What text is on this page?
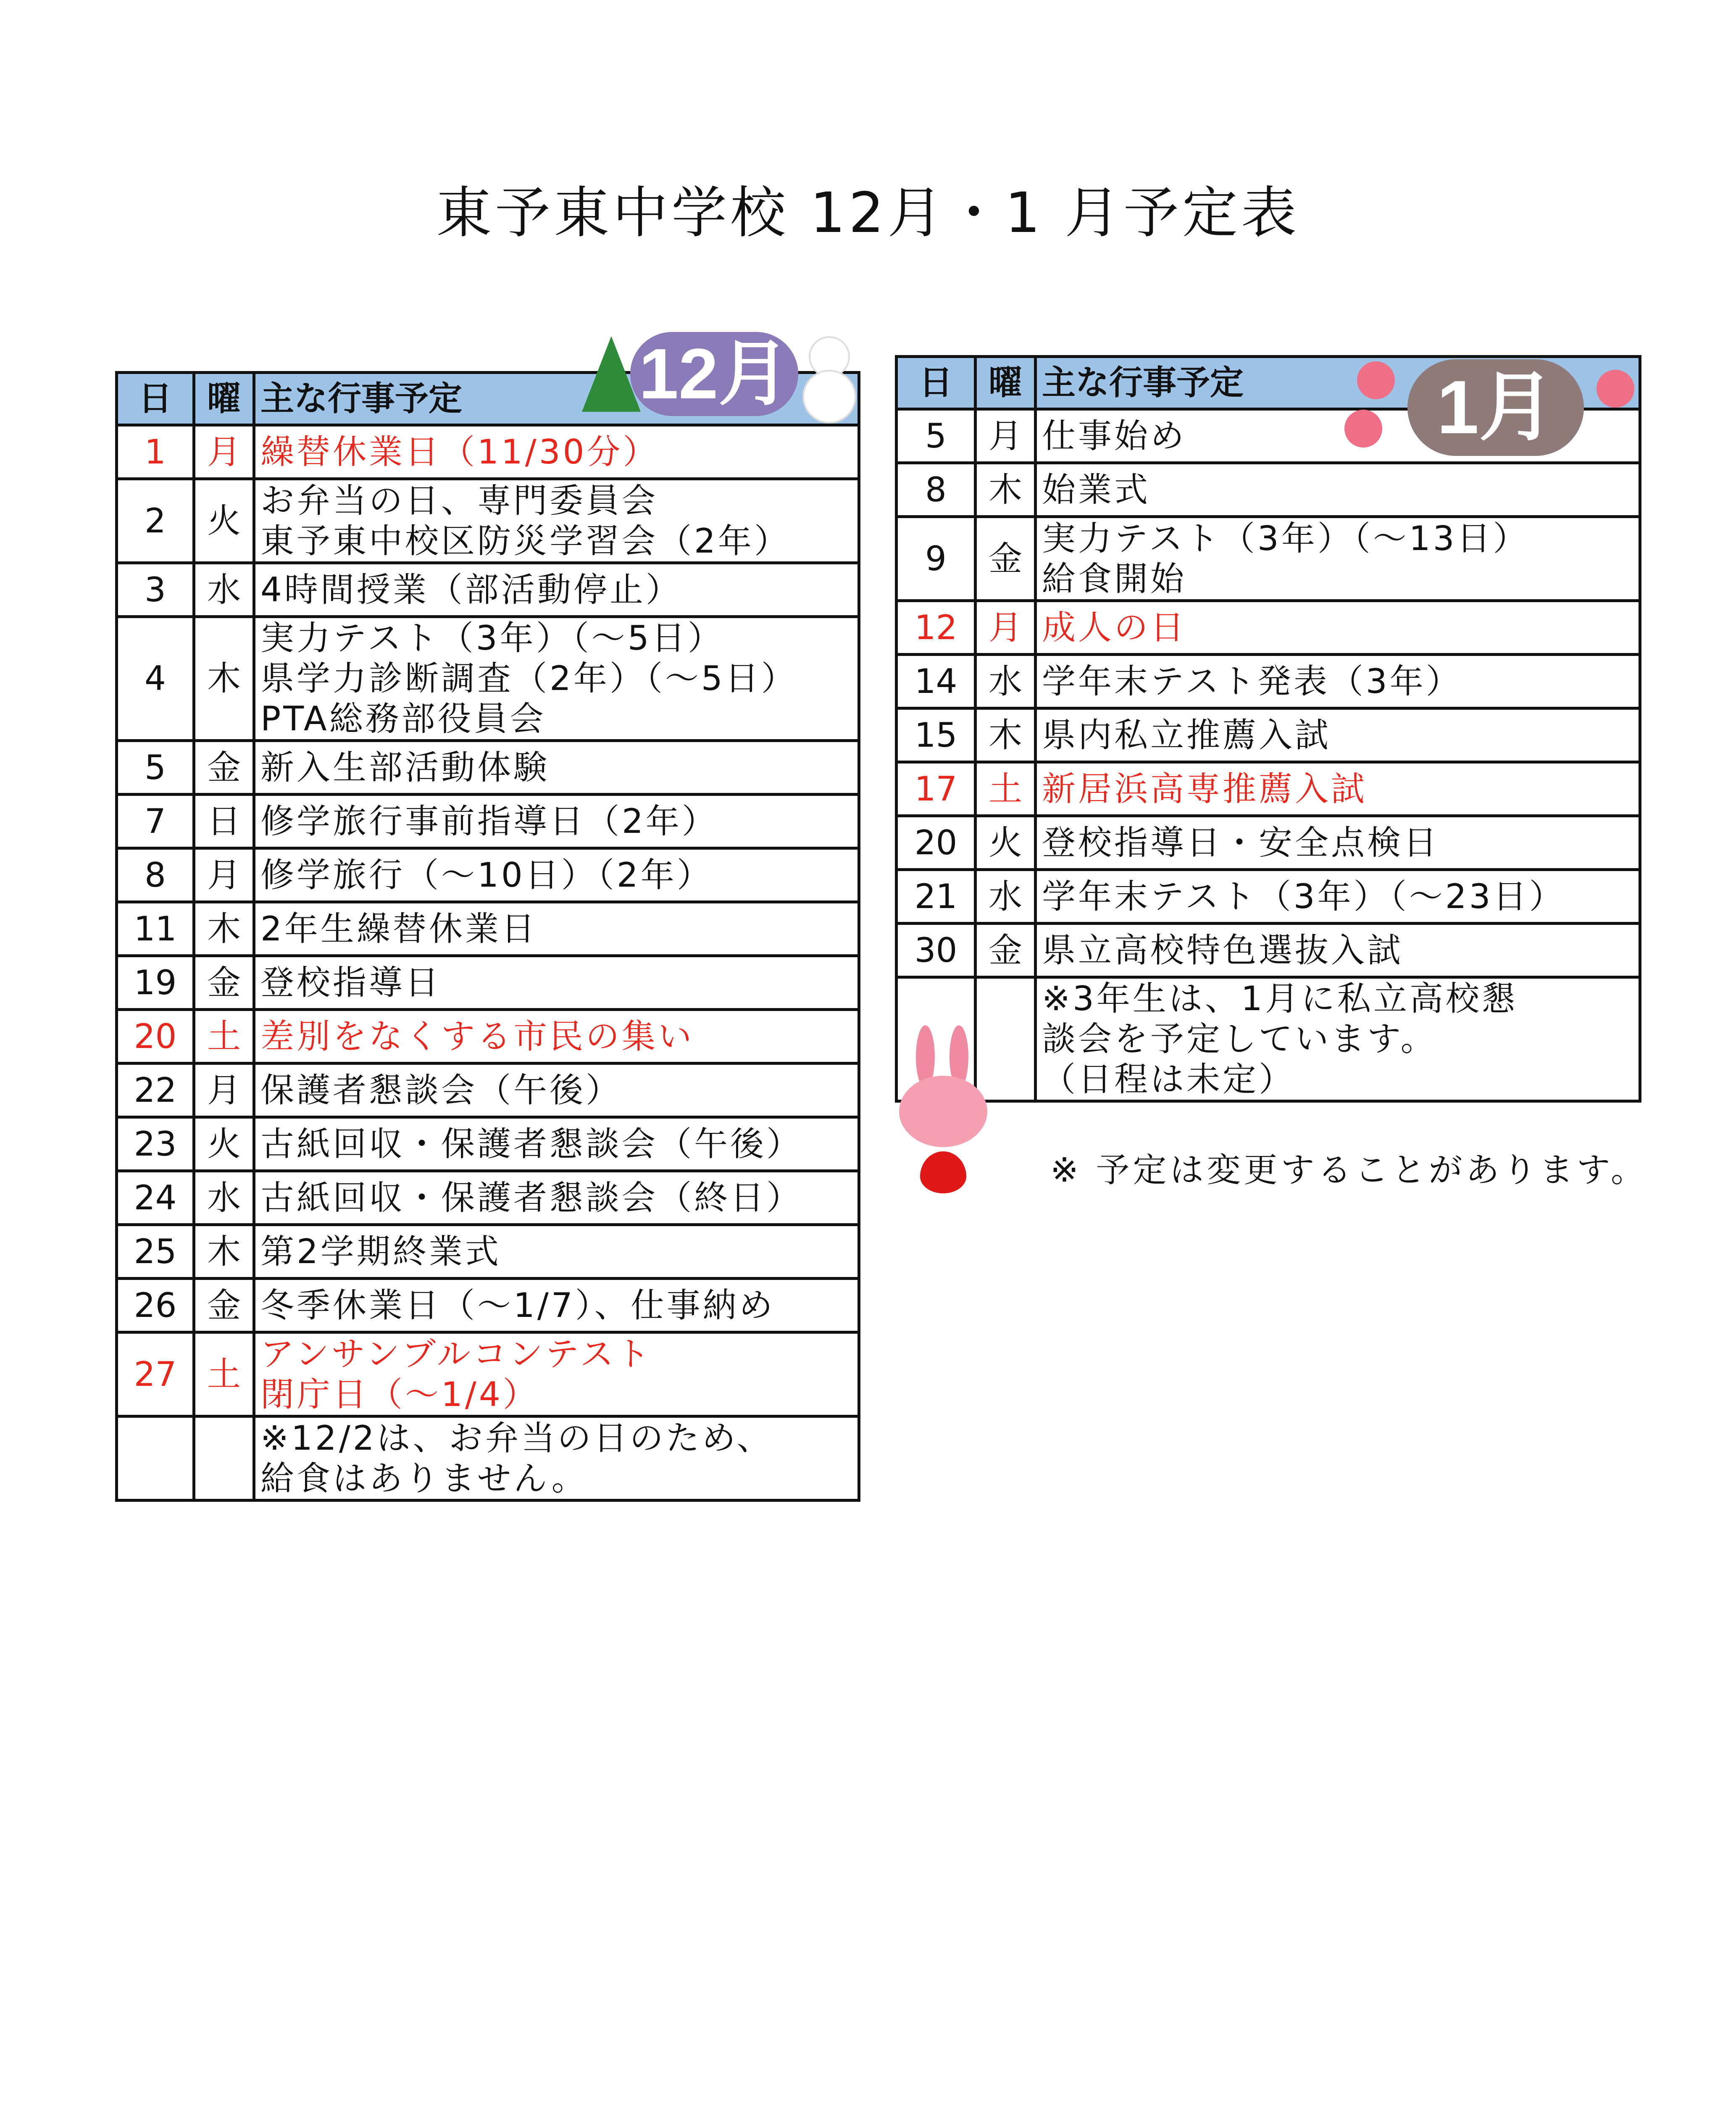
東予東中学校 12月・1 月予定表
12月
日	曜	主な行事予定
1	月	繰替休業日（11/30分）
2	火	お弁当の日、専門委員会
東予東中校区防災学習会（2年）
3	水	4時間授業（部活動停止）
4	木	実力テスト（3年）（～5日）
県学力診断調査（2年）（～5日）
PTA総務部役員会
5	金	新入生部活動体験
7	日	修学旅行事前指導日（2年）
8	月	修学旅行（～10日）（2年）
11	木	2年生繰替休業日
19	金	登校指導日
20	土	差別をなくする市民の集い
22	月	保護者懇談会（午後）
23	火	古紙回収・保護者懇談会（午後）
24	水	古紙回収・保護者懇談会（終日）
25	木	第2学期終業式
26	金	冬季休業日（～1/7）、仕事納め
27	土	アンサンブルコンテスト
閉庁日（～1/4）
		※12/2は、お弁当の日のため、
給食はありません。
日	曜	主な行事予定
5	月	仕事始め
8	木	始業式
9	金	実力テスト（3年）（～13日）
給食開始
12	月	成人の日
14	水	学年末テスト発表（3年）
15	木	県内私立推薦入試
17	土	新居浜高専推薦入試
20	火	登校指導日・安全点検日
21	水	学年末テスト（3年）（～23日）
30	金	県立高校特色選抜入試
		※3年生は、1月に私立高校懇
談会を予定しています。
（日程は未定）
1月
※ 予定は変更することがあります。
